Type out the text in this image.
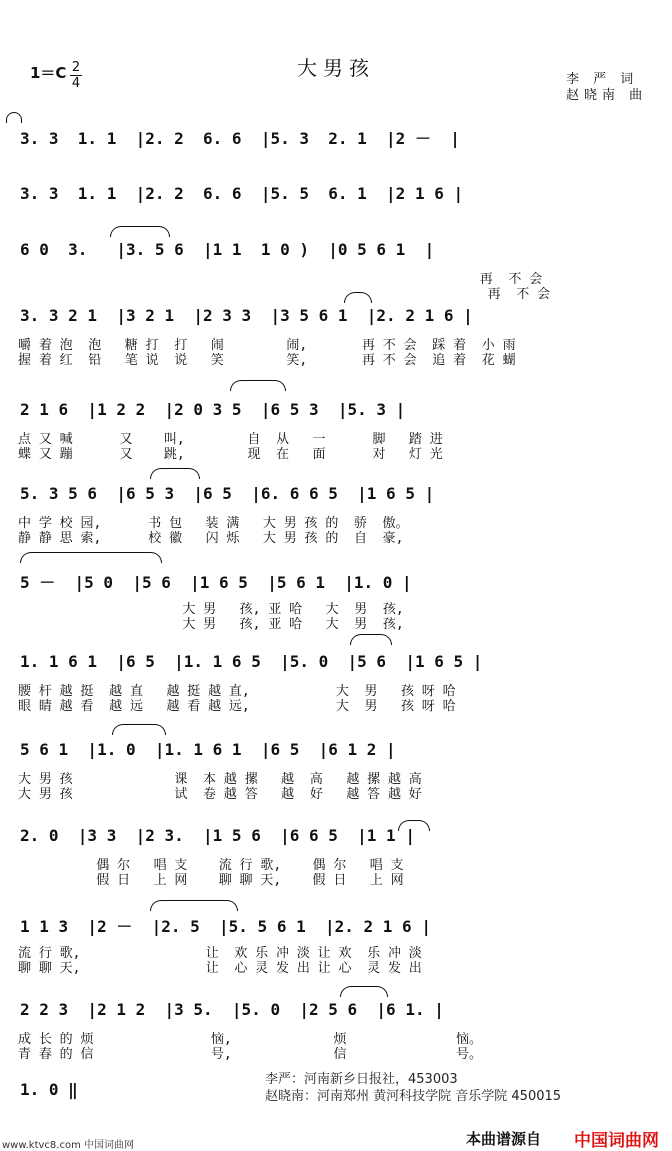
大男孩
1＝C 2
4	李 严 词
赵晓南 曲
3. 3  1. 1  |2. 2  6. 6  |5. 3  2. 1  |2 －  |
3. 3  1. 1  |2. 2  6. 6  |5. 5  6. 1  |2 1 6 |
6 0  3.   |3. 5 6  |1 1  1 0 )  |0 5 6 1  |
再  不 会
再  不 会
3. 3 2 1  |3 2 1  |2 3 3  |3 5 6 1  |2. 2 1 6 |
嚼 着 泡  泡   糖 打  打   闹        闹,       再 不 会  踩 着  小 雨
握 着 红  铅   笔 说  说   笑        笑,       再 不 会  追 着  花 蝴
2 1 6  |1 2 2  |2 0 3 5  |6 5 3  |5. 3 |
点 又 喊      又    叫,        自  从   一      脚   踏 进
蝶 又 蹦      又    跳,        现  在   面      对   灯 光
5. 3 5 6  |6 5 3  |6 5  |6. 6 6 5  |1 6 5 |
中 学 校 园,      书 包   装 满   大 男 孩 的  骄  傲。
静 静 思 索,      校 徽   闪 烁   大 男 孩 的  自  豪,
5 －  |5 0  |5 6  |1 6 5  |5 6 1  |1. 0 |
大 男   孩, 亚 哈   大  男  孩,
大 男   孩, 亚 哈   大  男  孩,
1. 1 6 1  |6 5  |1. 1 6 5  |5. 0  |5 6  |1 6 5 |
腰 杆 越 挺  越 直   越 挺 越 直,           大  男   孩 呀 哈
眼 睛 越 看  越 远   越 看 越 远,           大  男   孩 呀 哈
5 6 1  |1. 0  |1. 1 6 1  |6 5  |6 1 2 |
大 男 孩             课  本 越 摞   越  高   越 摞 越 高
大 男 孩             试  卷 越 答   越  好   越 答 越 好
2. 0  |3 3  |2 3.  |1 5 6  |6 6 5  |1 1 |
偶 尔   唱 支    流 行 歌,    偶 尔   唱 支
假 日   上 网    聊 聊 天,    假 日   上 网
1 1 3  |2 －  |2. 5  |5. 5 6 1  |2. 2 1 6 |
流 行 歌,                让  欢 乐 冲 淡 让 欢  乐 冲 淡
聊 聊 天,                让  心 灵 发 出 让 心  灵 发 出
2 2 3  |2 1 2  |3 5.  |5. 0  |2 5 6  |6 1. |
成 长 的 烦               恼,             烦              恼。
青 春 的 信               号,             信              号。
1. 0 ‖
李严：河南新乡日报社，453003
赵晓南：河南郑州 黄河科技学院 音乐学院 450015
本曲谱源自 中国词曲网
www.ktvc8.com 中国词曲网
